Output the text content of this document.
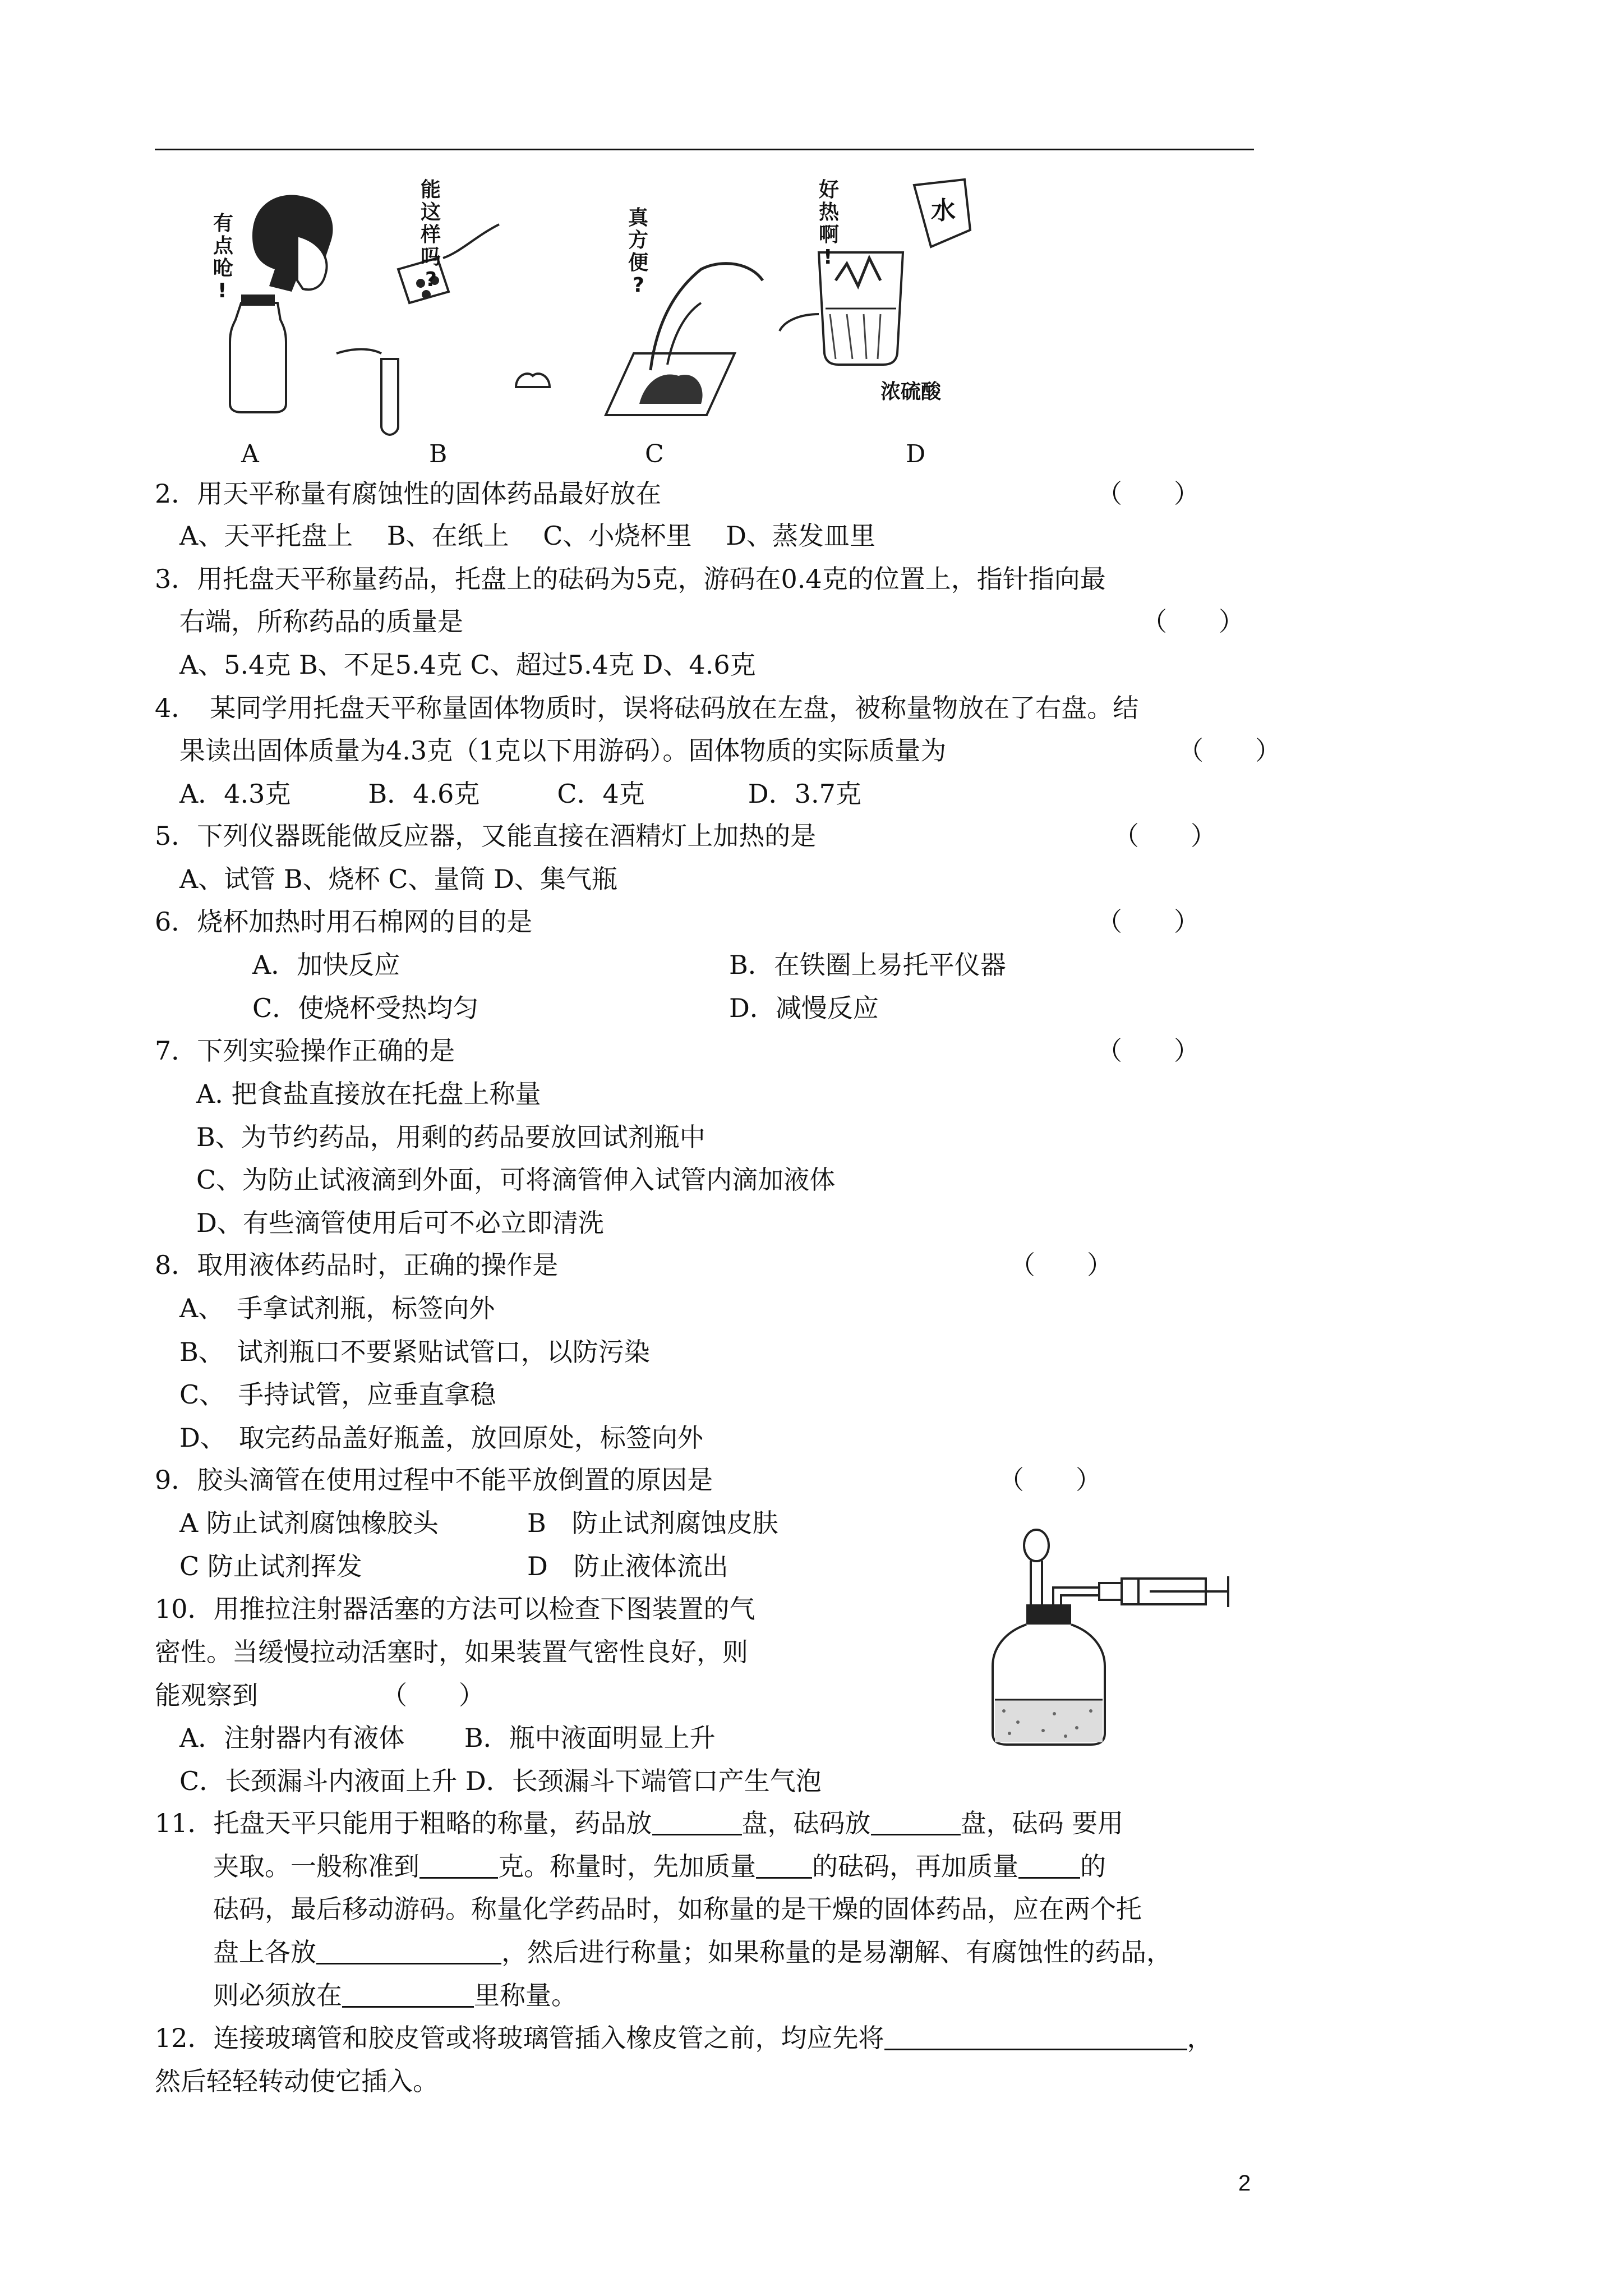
有
点
呛
!
能
这
样
吗
?
真
方
便
?
水
浓硫酸
好
热
啊
!
A	B	C	D
2．用天平称量有腐蚀性的固体药品最好放在	（　　）
A、天平托盘上　 B、在纸上　 C、小烧杯里　 D、蒸发皿里
3．用托盘天平称量药品，托盘上的砝码为5克，游码在0.4克的位置上，指针指向最
右端，所称药品的质量是	（　　）
A、5.4克 B、不足5.4克 C、超过5.4克 D、4.6克
4．　某同学用托盘天平称量固体物质时，误将砝码放在左盘，被称量物放在了右盘。结
果读出固体质量为4.3克（1克以下用游码）。固体物质的实际质量为	（　　）
A．4.3克　　　B．4.6克　　　C．4克　　　　D．3.7克
5．下列仪器既能做反应器，又能直接在酒精灯上加热的是	（　　）
A、试管 B、烧杯 C、量筒 D、集气瓶
6．烧杯加热时用石棉网的目的是	（　　）
A．加快反应	B．在铁圈上易托平仪器
C．使烧杯受热均匀	D．减慢反应
7．下列实验操作正确的是	（　　）
A. 把食盐直接放在托盘上称量
B、为节约药品，用剩的药品要放回试剂瓶中
C、为防止试液滴到外面，可将滴管伸入试管内滴加液体
D、有些滴管使用后可不必立即清洗
8．取用液体药品时，正确的操作是	（　　）
A、　手拿试剂瓶，标签向外
B、　试剂瓶口不要紧贴试管口，以防污染
C、　手持试管，应垂直拿稳
D、　取完药品盖好瓶盖，放回原处，标签向外
9．胶头滴管在使用过程中不能平放倒置的原因是	（　　）
A 防止试剂腐蚀橡胶头	B　防止试剂腐蚀皮肤
C 防止试剂挥发	D　防止液体流出
10．用推拉注射器活塞的方法可以检查下图装置的气
密性。当缓慢拉动活塞时，如果装置气密性良好，则
能观察到	（　　）
A．注射器内有液体　　 B．瓶中液面明显上升
C．长颈漏斗内液面上升 D．长颈漏斗下端管口产生气泡
11．托盘天平只能用于粗略的称量，药品放	盘，砝码放	盘，砝码 要用
夹取。一般称准到	克。称量时，先加质量 的砝码，再加质量 的
砝码，最后移动游码。称量化学药品时，如称量的是干燥的固体药品，应在两个托
盘上各放	，然后进行称量；如果称量的是易潮解、有腐蚀性的药品，
则必须放在	里称量。
12．连接玻璃管和胶皮管或将玻璃管插入橡皮管之前，均应先将	，
然后轻轻转动使它插入。
2
